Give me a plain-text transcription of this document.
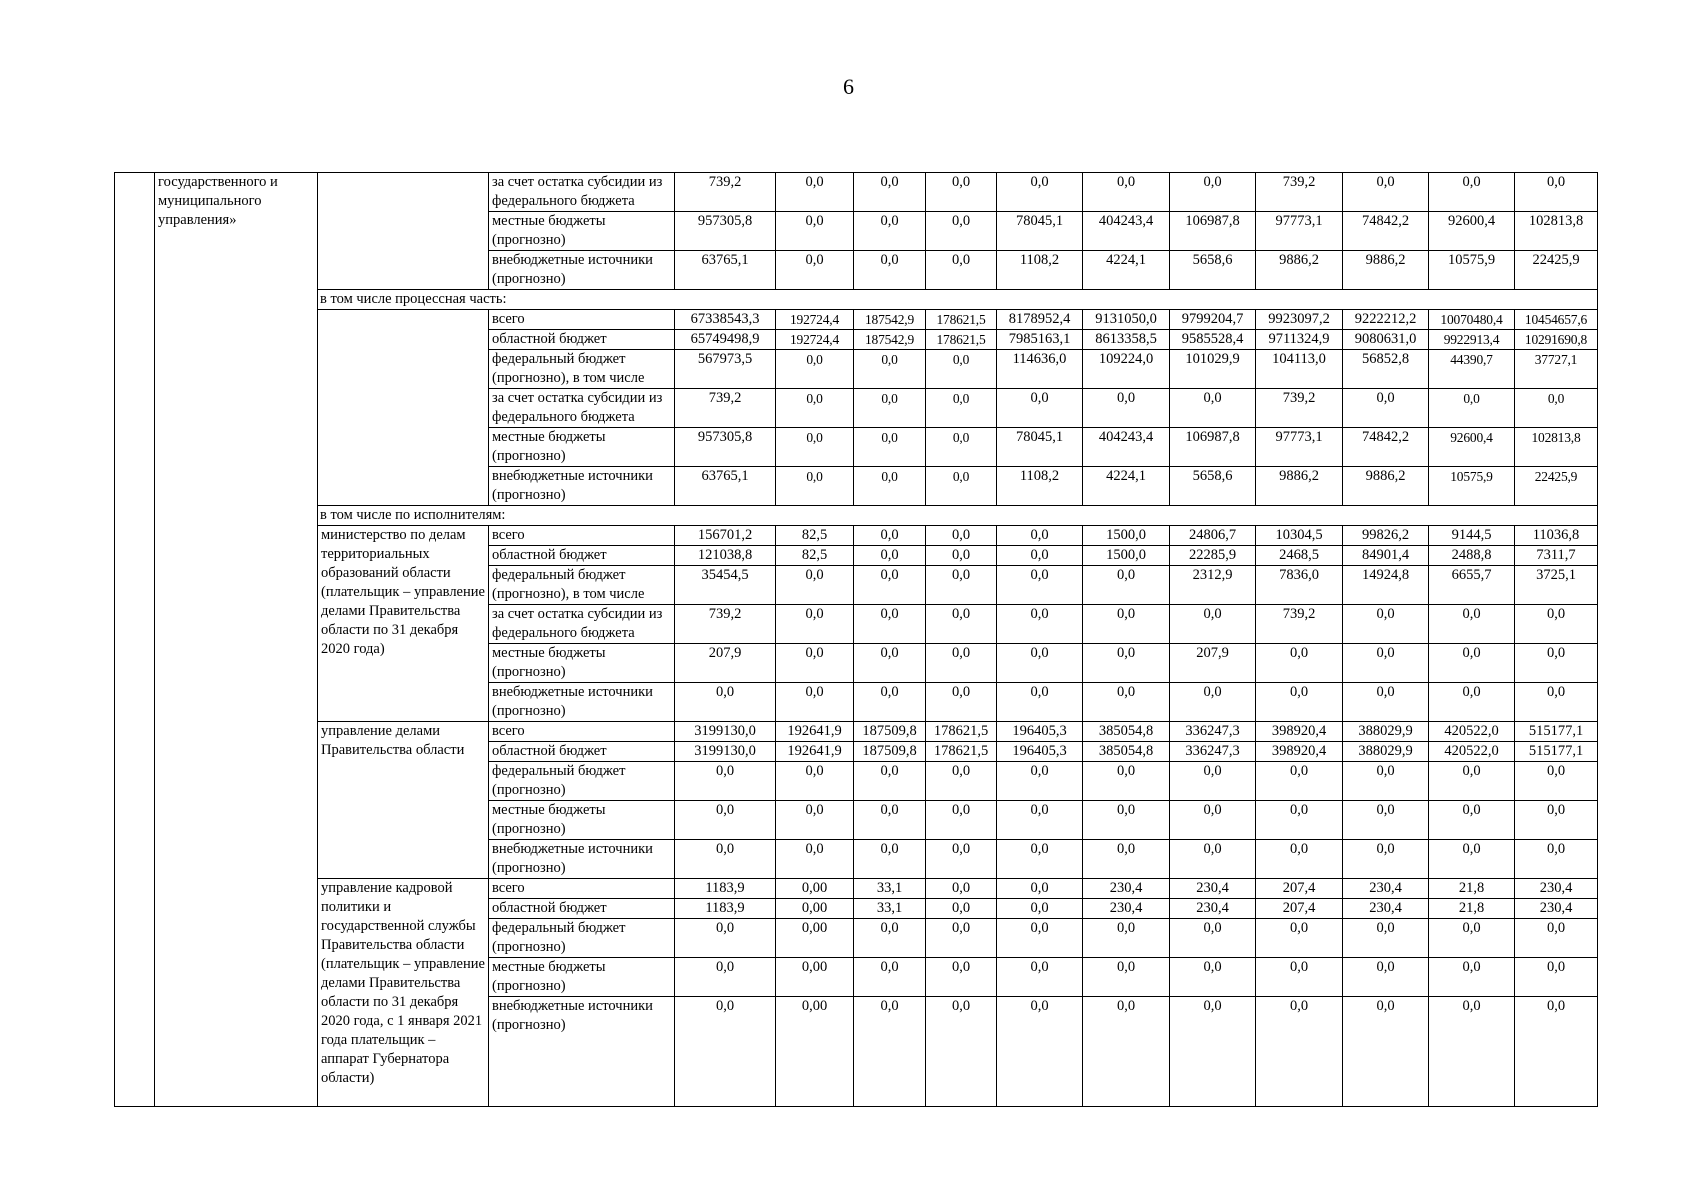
6
	государственного и муниципального управления»		за счет остатка субсидии из федерального бюджета	739,2	0,0	0,0	0,0	0,0	0,0	0,0	739,2	0,0	0,0	0,0
			местные бюджеты (прогнозно)	957305,8	0,0	0,0	0,0	78045,1	404243,4	106987,8	97773,1	74842,2	92600,4	102813,8
			внебюджетные источники (прогнозно)	63765,1	0,0	0,0	0,0	1108,2	4224,1	5658,6	9886,2	9886,2	10575,9	22425,9
		в том числе процессная часть:												
			всего	67338543,3	192724,4	187542,9	178621,5	8178952,4	9131050,0	9799204,7	9923097,2	9222212,2	10070480,4	10454657,6
			областной бюджет	65749498,9	192724,4	187542,9	178621,5	7985163,1	8613358,5	9585528,4	9711324,9	9080631,0	9922913,4	10291690,8
			федеральный бюджет (прогнозно), в том числе	567973,5	0,0	0,0	0,0	114636,0	109224,0	101029,9	104113,0	56852,8	44390,7	37727,1
			за счет остатка субсидии из федерального бюджета	739,2	0,0	0,0	0,0	0,0	0,0	0,0	739,2	0,0	0,0	0,0
			местные бюджеты (прогнозно)	957305,8	0,0	0,0	0,0	78045,1	404243,4	106987,8	97773,1	74842,2	92600,4	102813,8
			внебюджетные источники (прогнозно)	63765,1	0,0	0,0	0,0	1108,2	4224,1	5658,6	9886,2	9886,2	10575,9	22425,9
		в том числе по исполнителям:												
		министерство по делам территориальных образований области (плательщик – управление делами Правительства области по 31 декабря 2020 года)	всего	156701,2	82,5	0,0	0,0	0,0	1500,0	24806,7	10304,5	99826,2	9144,5	11036,8
			областной бюджет	121038,8	82,5	0,0	0,0	0,0	1500,0	22285,9	2468,5	84901,4	2488,8	7311,7
			федеральный бюджет (прогнозно), в том числе	35454,5	0,0	0,0	0,0	0,0	0,0	2312,9	7836,0	14924,8	6655,7	3725,1
			за счет остатка субсидии из федерального бюджета	739,2	0,0	0,0	0,0	0,0	0,0	0,0	739,2	0,0	0,0	0,0
			местные бюджеты (прогнозно)	207,9	0,0	0,0	0,0	0,0	0,0	207,9	0,0	0,0	0,0	0,0
			внебюджетные источники (прогнозно)	0,0	0,0	0,0	0,0	0,0	0,0	0,0	0,0	0,0	0,0	0,0
		управление делами Правительства области	всего	3199130,0	192641,9	187509,8	178621,5	196405,3	385054,8	336247,3	398920,4	388029,9	420522,0	515177,1
			областной бюджет	3199130,0	192641,9	187509,8	178621,5	196405,3	385054,8	336247,3	398920,4	388029,9	420522,0	515177,1
			федеральный бюджет (прогнозно)	0,0	0,0	0,0	0,0	0,0	0,0	0,0	0,0	0,0	0,0	0,0
			местные бюджеты (прогнозно)	0,0	0,0	0,0	0,0	0,0	0,0	0,0	0,0	0,0	0,0	0,0
			внебюджетные источники (прогнозно)	0,0	0,0	0,0	0,0	0,0	0,0	0,0	0,0	0,0	0,0	0,0
		управление кадровой политики и государственной службы Правительства области (плательщик – управление делами Правительства области по 31 декабря 2020 года, с 1 января 2021 года плательщик – аппарат Губернатора области)	всего	1183,9	0,00	33,1	0,0	0,0	230,4	230,4	207,4	230,4	21,8	230,4
			областной бюджет	1183,9	0,00	33,1	0,0	0,0	230,4	230,4	207,4	230,4	21,8	230,4
			федеральный бюджет (прогнозно)	0,0	0,00	0,0	0,0	0,0	0,0	0,0	0,0	0,0	0,0	0,0
			местные бюджеты (прогнозно)	0,0	0,00	0,0	0,0	0,0	0,0	0,0	0,0	0,0	0,0	0,0
			внебюджетные источники (прогнозно)	0,0	0,00	0,0	0,0	0,0	0,0	0,0	0,0	0,0	0,0	0,0
